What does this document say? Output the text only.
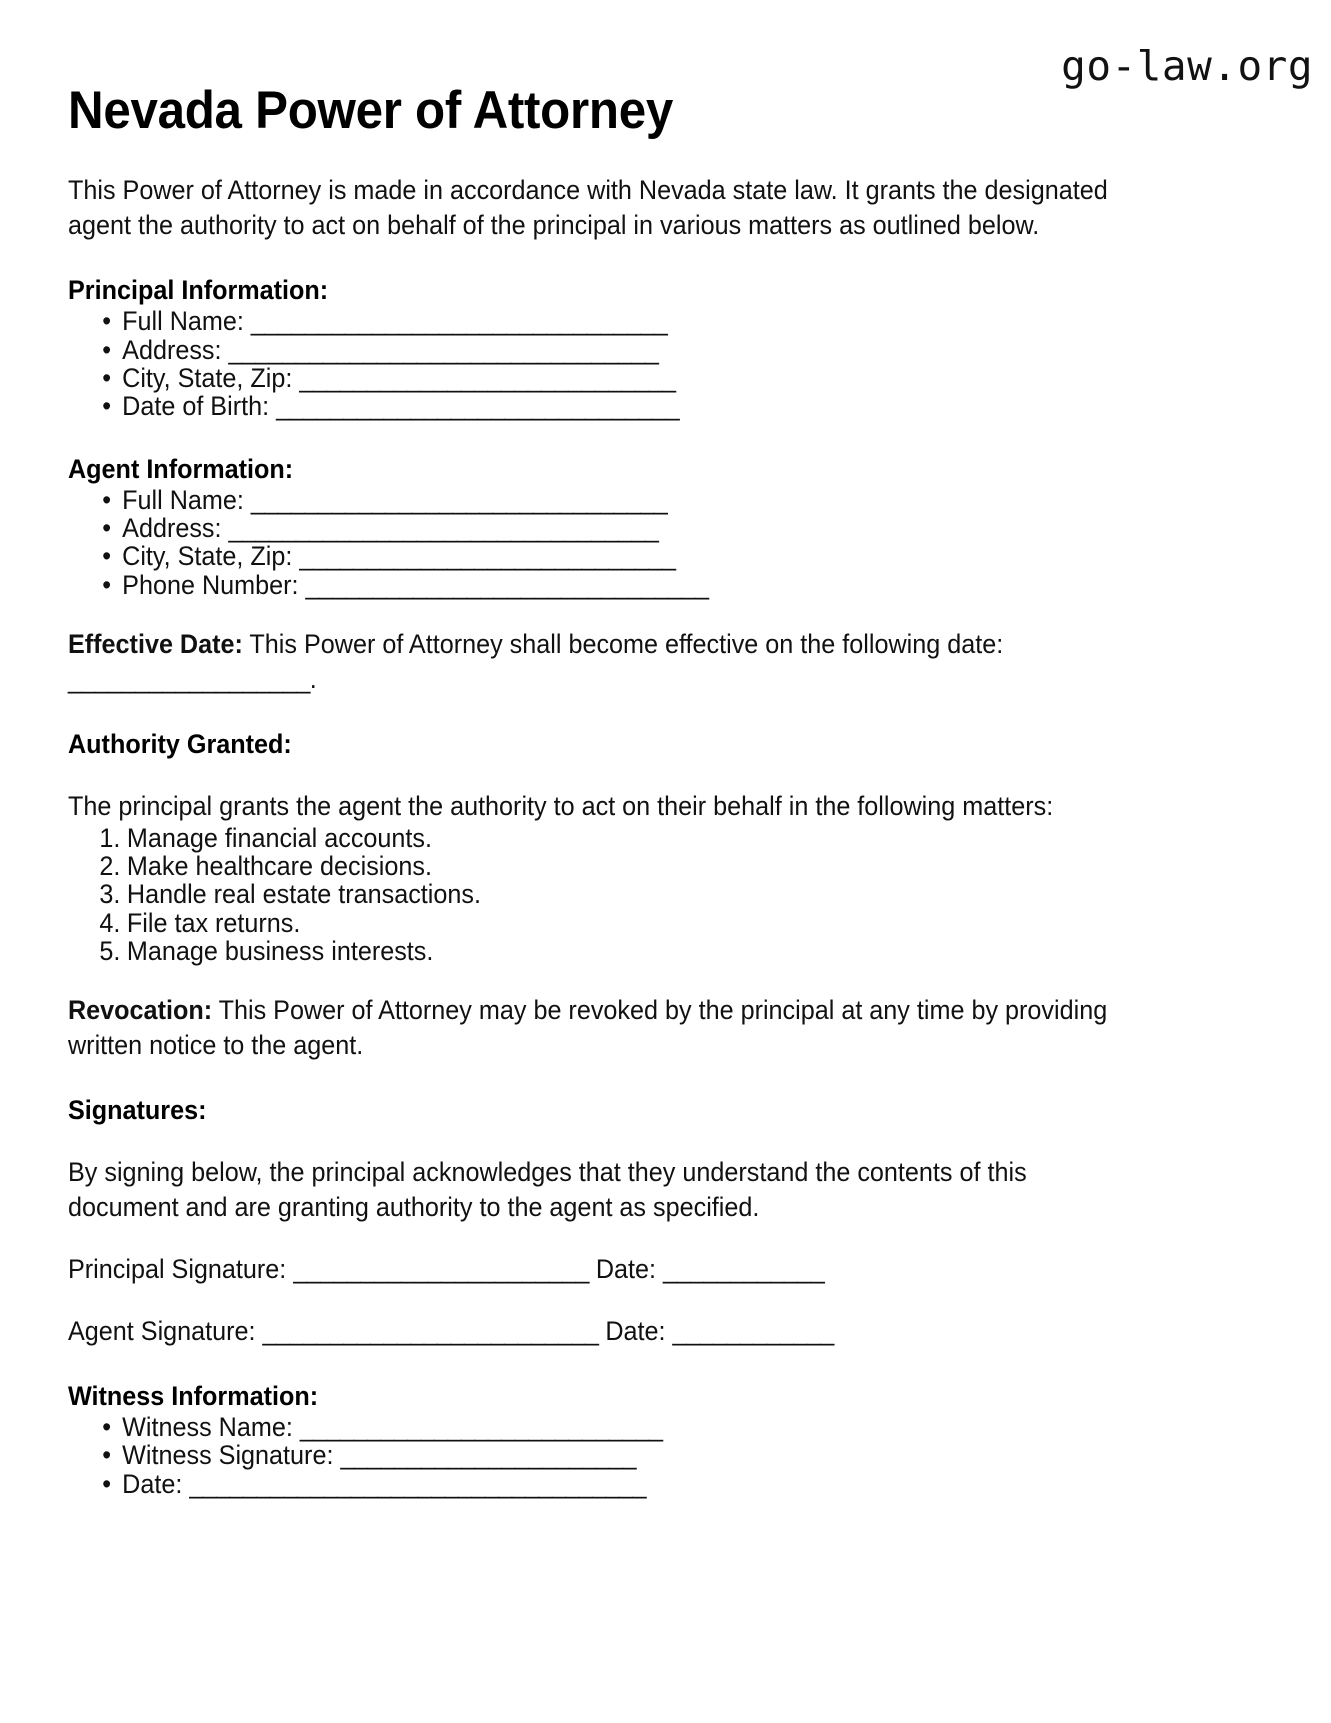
go-law.org
Nevada Power of Attorney

This Power of Attorney is made in accordance with Nevada state law. It grants the designated agent the authority to act on behalf of the principal in various matters as outlined below.

Principal Information:
• Full Name: _______________________________
• Address: ________________________________
• City, State, Zip: ____________________________
• Date of Birth: ______________________________
Agent Information:
• Full Name: _______________________________
• Address: ________________________________
• City, State, Zip: ____________________________
• Phone Number: ______________________________

Effective Date: This Power of Attorney shall become effective on the following date: __________________.

Authority Granted:

The principal grants the agent the authority to act on their behalf in the following matters:

1. Manage financial accounts.
2. Make healthcare decisions.
3. Handle real estate transactions.
4. File tax returns.
5. Manage business interests.

Revocation: This Power of Attorney may be revoked by the principal at any time by providing written notice to the agent.

Signatures:

By signing below, the principal acknowledges that they understand the contents of this document and are granting authority to the agent as specified.

Principal Signature: ______________________ Date: ____________
Agent Signature: _________________________ Date: ____________
Witness Information:
• Witness Name: ___________________________
• Witness Signature: ______________________
• Date: __________________________________
